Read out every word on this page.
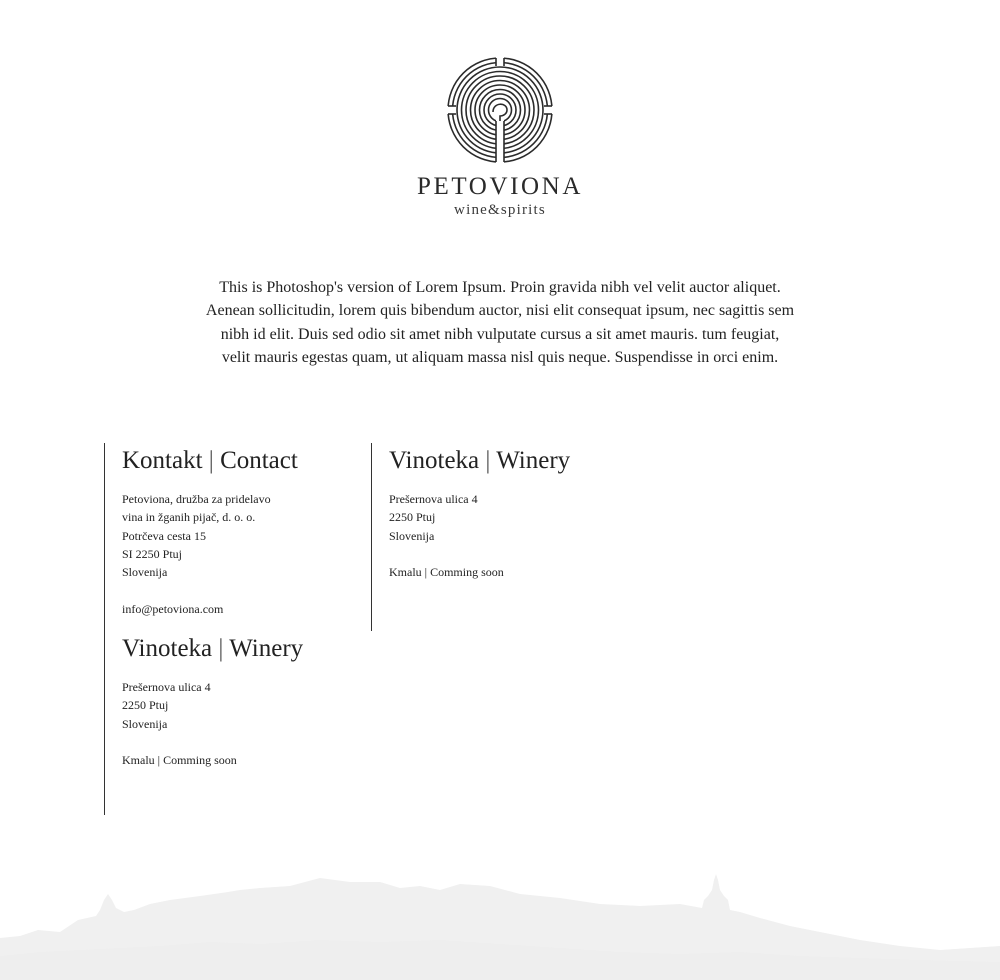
PETOVIONA
wine&spirits

This is Photoshop's version of Lorem Ipsum. Proin gravida nibh vel velit auctor aliquet. Aenean sollicitudin, lorem quis bibendum auctor, nisi elit consequat ipsum, nec sagittis sem nibh id elit. Duis sed odio sit amet nibh vulputate cursus a sit amet mauris. tum feugiat, velit mauris egestas quam, ut aliquam massa nisl quis neque. Suspendisse in orci enim.

Kontakt | Contact
Petoviona, družba za pridelavo
vina in žganih pijač, d. o. o.
Potrčeva cesta 15
SI 2250 Ptuj
Slovenija
info@petoviona.com
Vinoteka | Winery
Prešernova ulica 4
2250 Ptuj
Slovenija
Kmalu | Comming soon
Vinoteka | Winery
Prešernova ulica 4
2250 Ptuj
Slovenija
Kmalu | Comming soon
